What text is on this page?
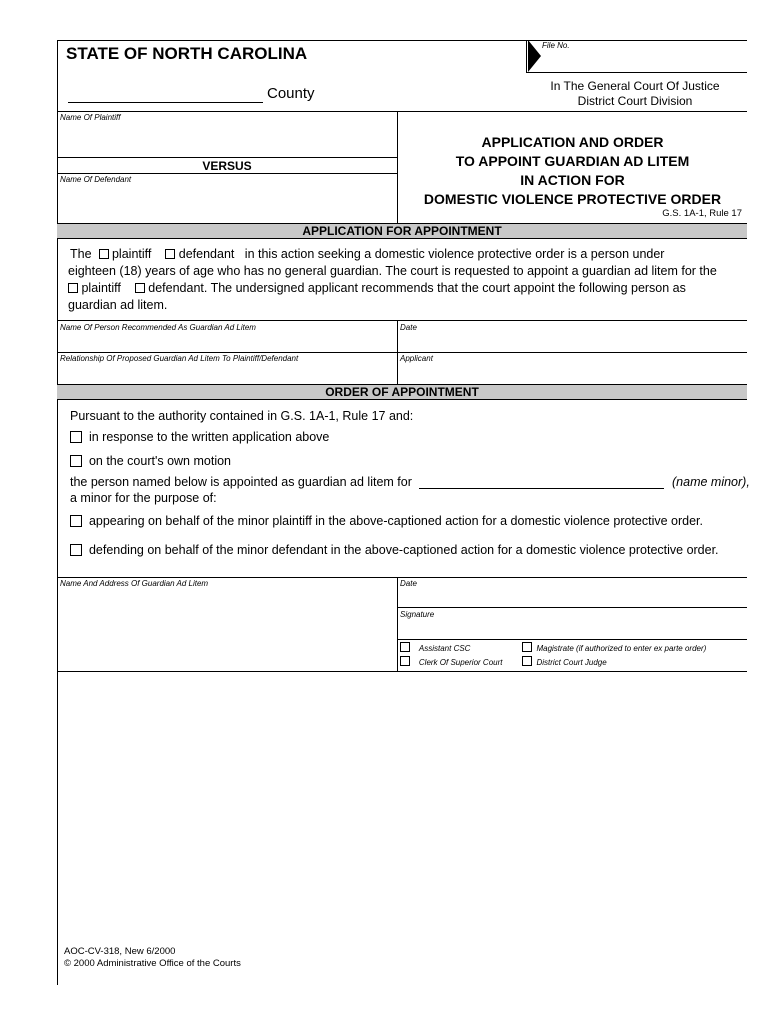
STATE OF NORTH CAROLINA
County
File No.
In The General Court Of Justice
District Court Division
Name Of Plaintiff
VERSUS
Name Of Defendant
APPLICATION AND ORDER
TO APPOINT GUARDIAN AD LITEM
IN ACTION FOR
DOMESTIC VIOLENCE PROTECTIVE ORDER
G.S. 1A-1, Rule 17
APPLICATION FOR APPOINTMENT
The plaintiff defendant in this action seeking a domestic violence protective order is a person under
eighteen (18) years of age who has no general guardian. The court is requested to appoint a guardian ad litem for the
plaintiff defendant. The undersigned applicant recommends that the court appoint the following person as
guardian ad litem.
Name Of Person Recommended As Guardian Ad Litem	Date
Relationship Of Proposed Guardian Ad Litem To Plaintiff/Defendant	Applicant
ORDER OF APPOINTMENT
Pursuant to the authority contained in G.S. 1A-1, Rule 17 and:
in response to the written application above
on the court's own motion
the person named below is appointed as guardian ad litem for	(name minor),
a minor for the purpose of:
appearing on behalf of the minor plaintiff in the above-captioned action for a domestic violence protective order.
defending on behalf of the minor defendant in the above-captioned action for a domestic violence protective order.
Name And Address Of Guardian Ad Litem	Date
Signature
Assistant CSC
Clerk Of Superior Court
Magistrate (if authorized to enter ex parte order)
District Court Judge
AOC-CV-318, New 6/2000
© 2000 Administrative Office of the Courts
